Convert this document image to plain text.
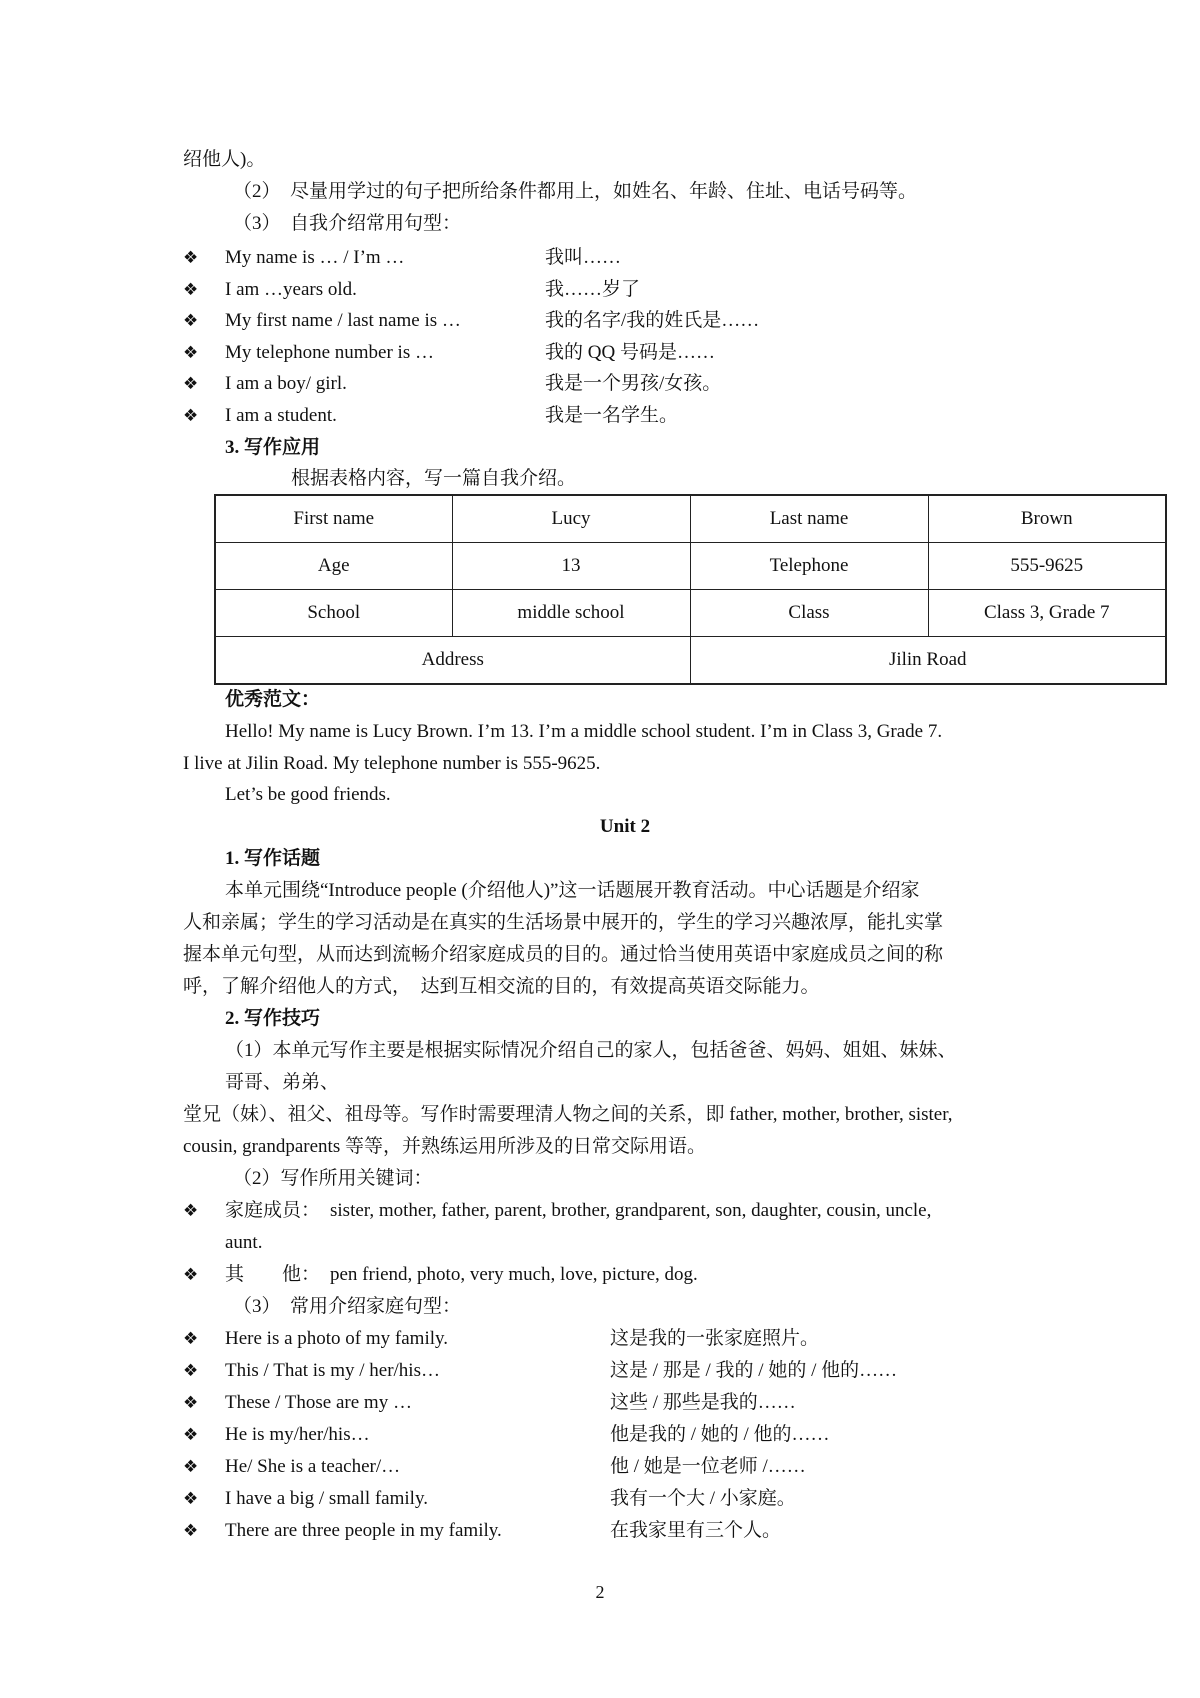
绍他人)。
（2）　尽量用学过的句子把所给条件都用上，如姓名、年龄、住址、电话号码等。
（3）　自我介绍常用句型：
❖ My name is … / I’m …	我叫……
❖ I am …years old.	我……岁了
❖ My first name / last name is …	我的名字/我的姓氏是……
❖ My telephone number is …	我的 QQ 号码是……
❖ I am a boy/ girl.	我是一个男孩/女孩。
❖ I am a student.	我是一名学生。
3. 写作应用
根据表格内容，写一篇自我介绍。
First name	Lucy	Last name	Brown
Age	13	Telephone	555-9625
School	middle school	Class	Class 3, Grade 7
Address		Jilin Road	
优秀范文：
Hello! My name is Lucy Brown. I’m 13. I’m a middle school student. I’m in Class 3, Grade 7.
I live at Jilin Road. My telephone number is 555-9625.
Let’s be good friends.
Unit 2
1. 写作话题
本单元围绕“Introduce people (介绍他人)”这一话题展开教育活动。中心话题是介绍家
人和亲属；学生的学习活动是在真实的生活场景中展开的，学生的学习兴趣浓厚，能扎实掌
握本单元句型，从而达到流畅介绍家庭成员的目的。通过恰当使用英语中家庭成员之间的称
呼，了解介绍他人的方式，　达到互相交流的目的，有效提高英语交际能力。
2. 写作技巧
（1）本单元写作主要是根据实际情况介绍自己的家人，包括爸爸、妈妈、姐姐、妹妹、
哥哥、弟弟、
堂兄（妹）、祖父、祖母等。写作时需要理清人物之间的关系，即 father, mother, brother, sister,
cousin, grandparents 等等，并熟练运用所涉及的日常交际用语。
（2）写作所用关键词：
❖ 家庭成员： sister, mother, father, parent, brother, grandparent, son, daughter, cousin, uncle,
aunt.
❖ 其　　他： pen friend, photo, very much, love, picture, dog.
（3）　常用介绍家庭句型：
❖ Here is a photo of my family.	这是我的一张家庭照片。
❖ This / That is my / her/his…	这是 / 那是 / 我的 / 她的 / 他的……
❖ These / Those are my …	这些 / 那些是我的……
❖ He is my/her/his…	他是我的 / 她的 / 他的……
❖ He/ She is a teacher/…	他 / 她是一位老师 /……
❖ I have a big / small family.	我有一个大 / 小家庭。
❖ There are three people in my family.	在我家里有三个人。
2
